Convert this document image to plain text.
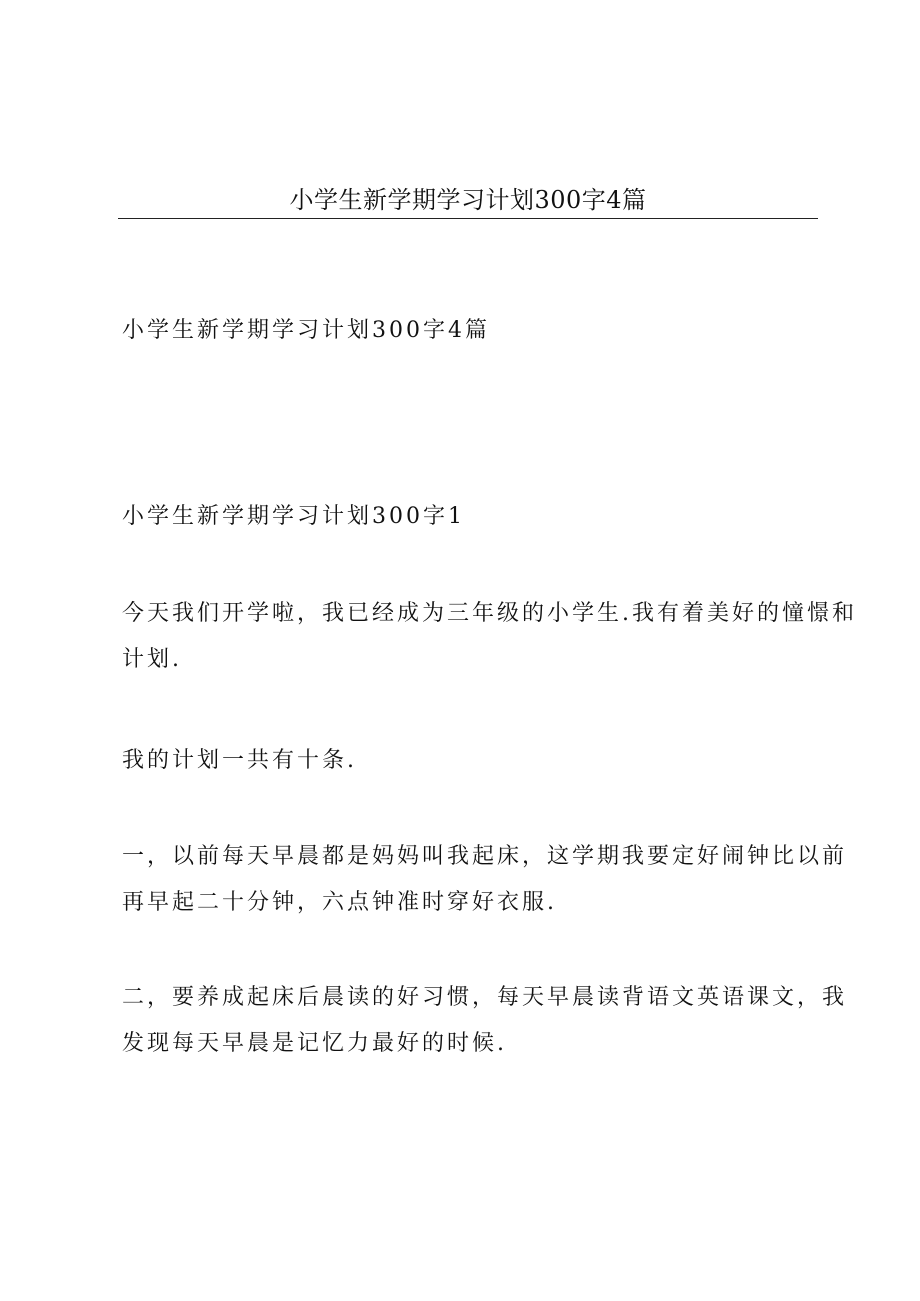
小学生新学期学习计划300字4篇

小学生新学期学习计划300字4篇

小学生新学期学习计划300字1

今天我们开学啦，我已经成为三年级的小学生.我有着美好的憧憬和
计划.

我的计划一共有十条.

一，以前每天早晨都是妈妈叫我起床，这学期我要定好闹钟比以前
再早起二十分钟，六点钟准时穿好衣服.

二，要养成起床后晨读的好习惯，每天早晨读背语文英语课文，我
发现每天早晨是记忆力最好的时候.
